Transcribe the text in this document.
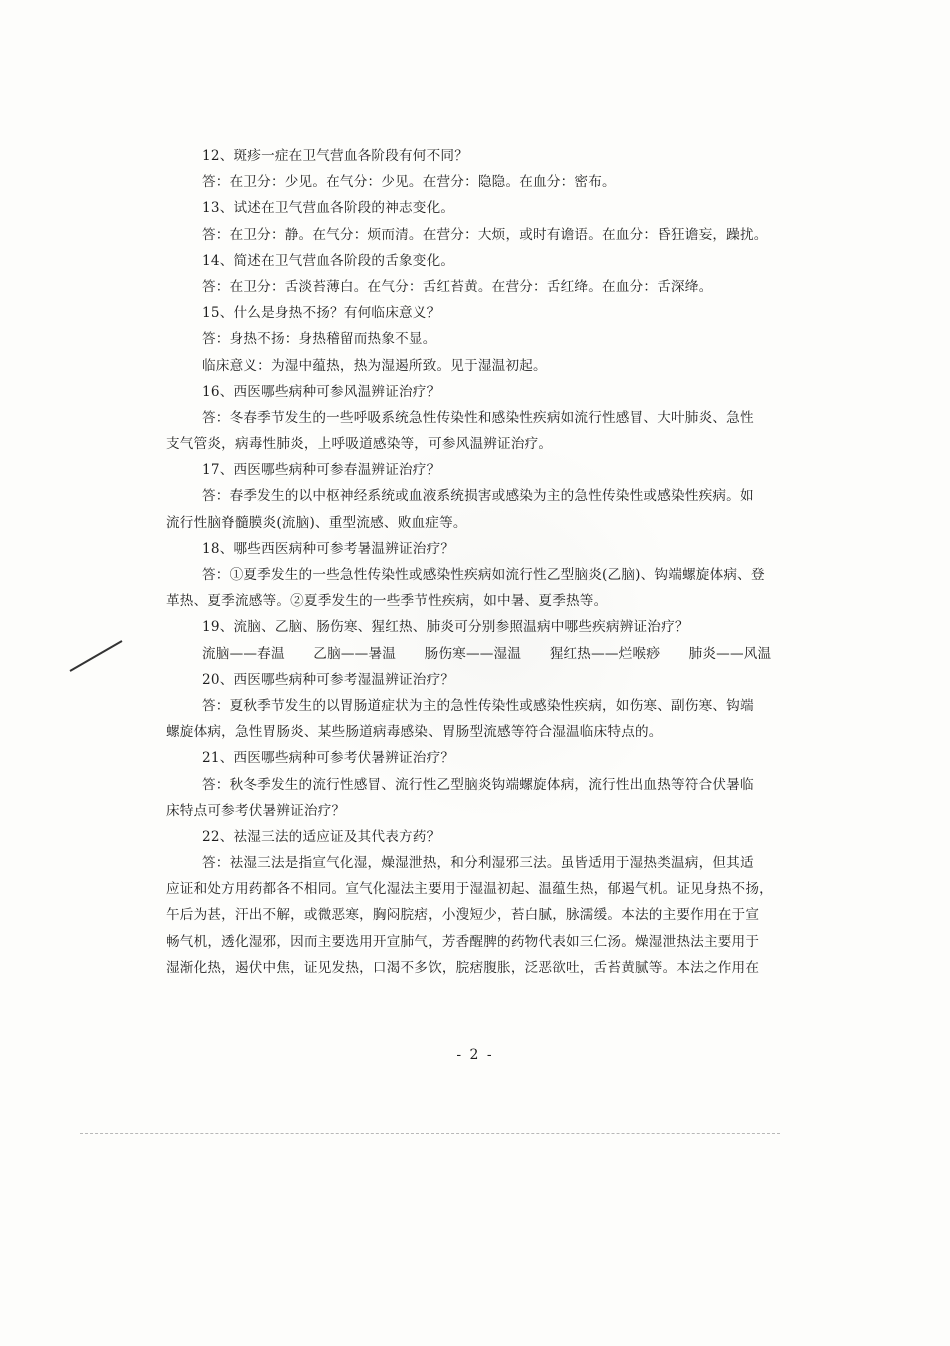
12、斑疹一症在卫气营血各阶段有何不同？
答：在卫分：少见。在气分：少见。在营分：隐隐。在血分：密布。
13、试述在卫气营血各阶段的神志变化。
答：在卫分：静。在气分：烦而清。在营分：大烦，或时有谵语。在血分：昏狂谵妄，躁扰。
14、简述在卫气营血各阶段的舌象变化。
答：在卫分：舌淡苔薄白。在气分：舌红苔黄。在营分：舌红绛。在血分：舌深绛。
15、什么是身热不扬？有何临床意义？
答：身热不扬：身热稽留而热象不显。
临床意义：为湿中蕴热，热为湿遏所致。见于湿温初起。
16、西医哪些病种可参风温辨证治疗？
答：冬春季节发生的一些呼吸系统急性传染性和感染性疾病如流行性感冒、大叶肺炎、急性
支气管炎，病毒性肺炎，上呼吸道感染等，可参风温辨证治疗。
17、西医哪些病种可参春温辨证治疗？
答：春季发生的以中枢神经系统或血液系统损害或感染为主的急性传染性或感染性疾病。如
流行性脑脊髓膜炎(流脑)、重型流感、败血症等。
18、哪些西医病种可参考暑温辨证治疗？
答：①夏季发生的一些急性传染性或感染性疾病如流行性乙型脑炎(乙脑)、钩端螺旋体病、登
革热、夏季流感等。②夏季发生的一些季节性疾病，如中暑、夏季热等。
19、流脑、乙脑、肠伤寒、猩红热、肺炎可分别参照温病中哪些疾病辨证治疗？
流脑——春温 乙脑——暑温 肠伤寒——湿温 猩红热——烂喉痧 肺炎——风温
20、西医哪些病种可参考湿温辨证治疗？
答：夏秋季节发生的以胃肠道症状为主的急性传染性或感染性疾病，如伤寒、副伤寒、钩端
螺旋体病，急性胃肠炎、某些肠道病毒感染、胃肠型流感等符合湿温临床特点的。
21、西医哪些病种可参考伏暑辨证治疗？
答：秋冬季发生的流行性感冒、流行性乙型脑炎钩端螺旋体病，流行性出血热等符合伏暑临
床特点可参考伏暑辨证治疗？
22、祛湿三法的适应证及其代表方药？
答：祛湿三法是指宣气化湿，燥湿泄热，和分利湿邪三法。虽皆适用于湿热类温病，但其适
应证和处方用药都各不相同。宣气化湿法主要用于湿温初起、温蕴生热，郁遏气机。证见身热不扬，
午后为甚，汗出不解，或微恶寒，胸闷脘痞，小溲短少，苔白腻，脉濡缓。本法的主要作用在于宣
畅气机，透化湿邪，因而主要选用开宣肺气，芳香醒脾的药物代表如三仁汤。燥湿泄热法主要用于
湿渐化热，遏伏中焦，证见发热，口渴不多饮，脘痞腹胀，泛恶欲吐，舌苔黄腻等。本法之作用在
- 2 -
